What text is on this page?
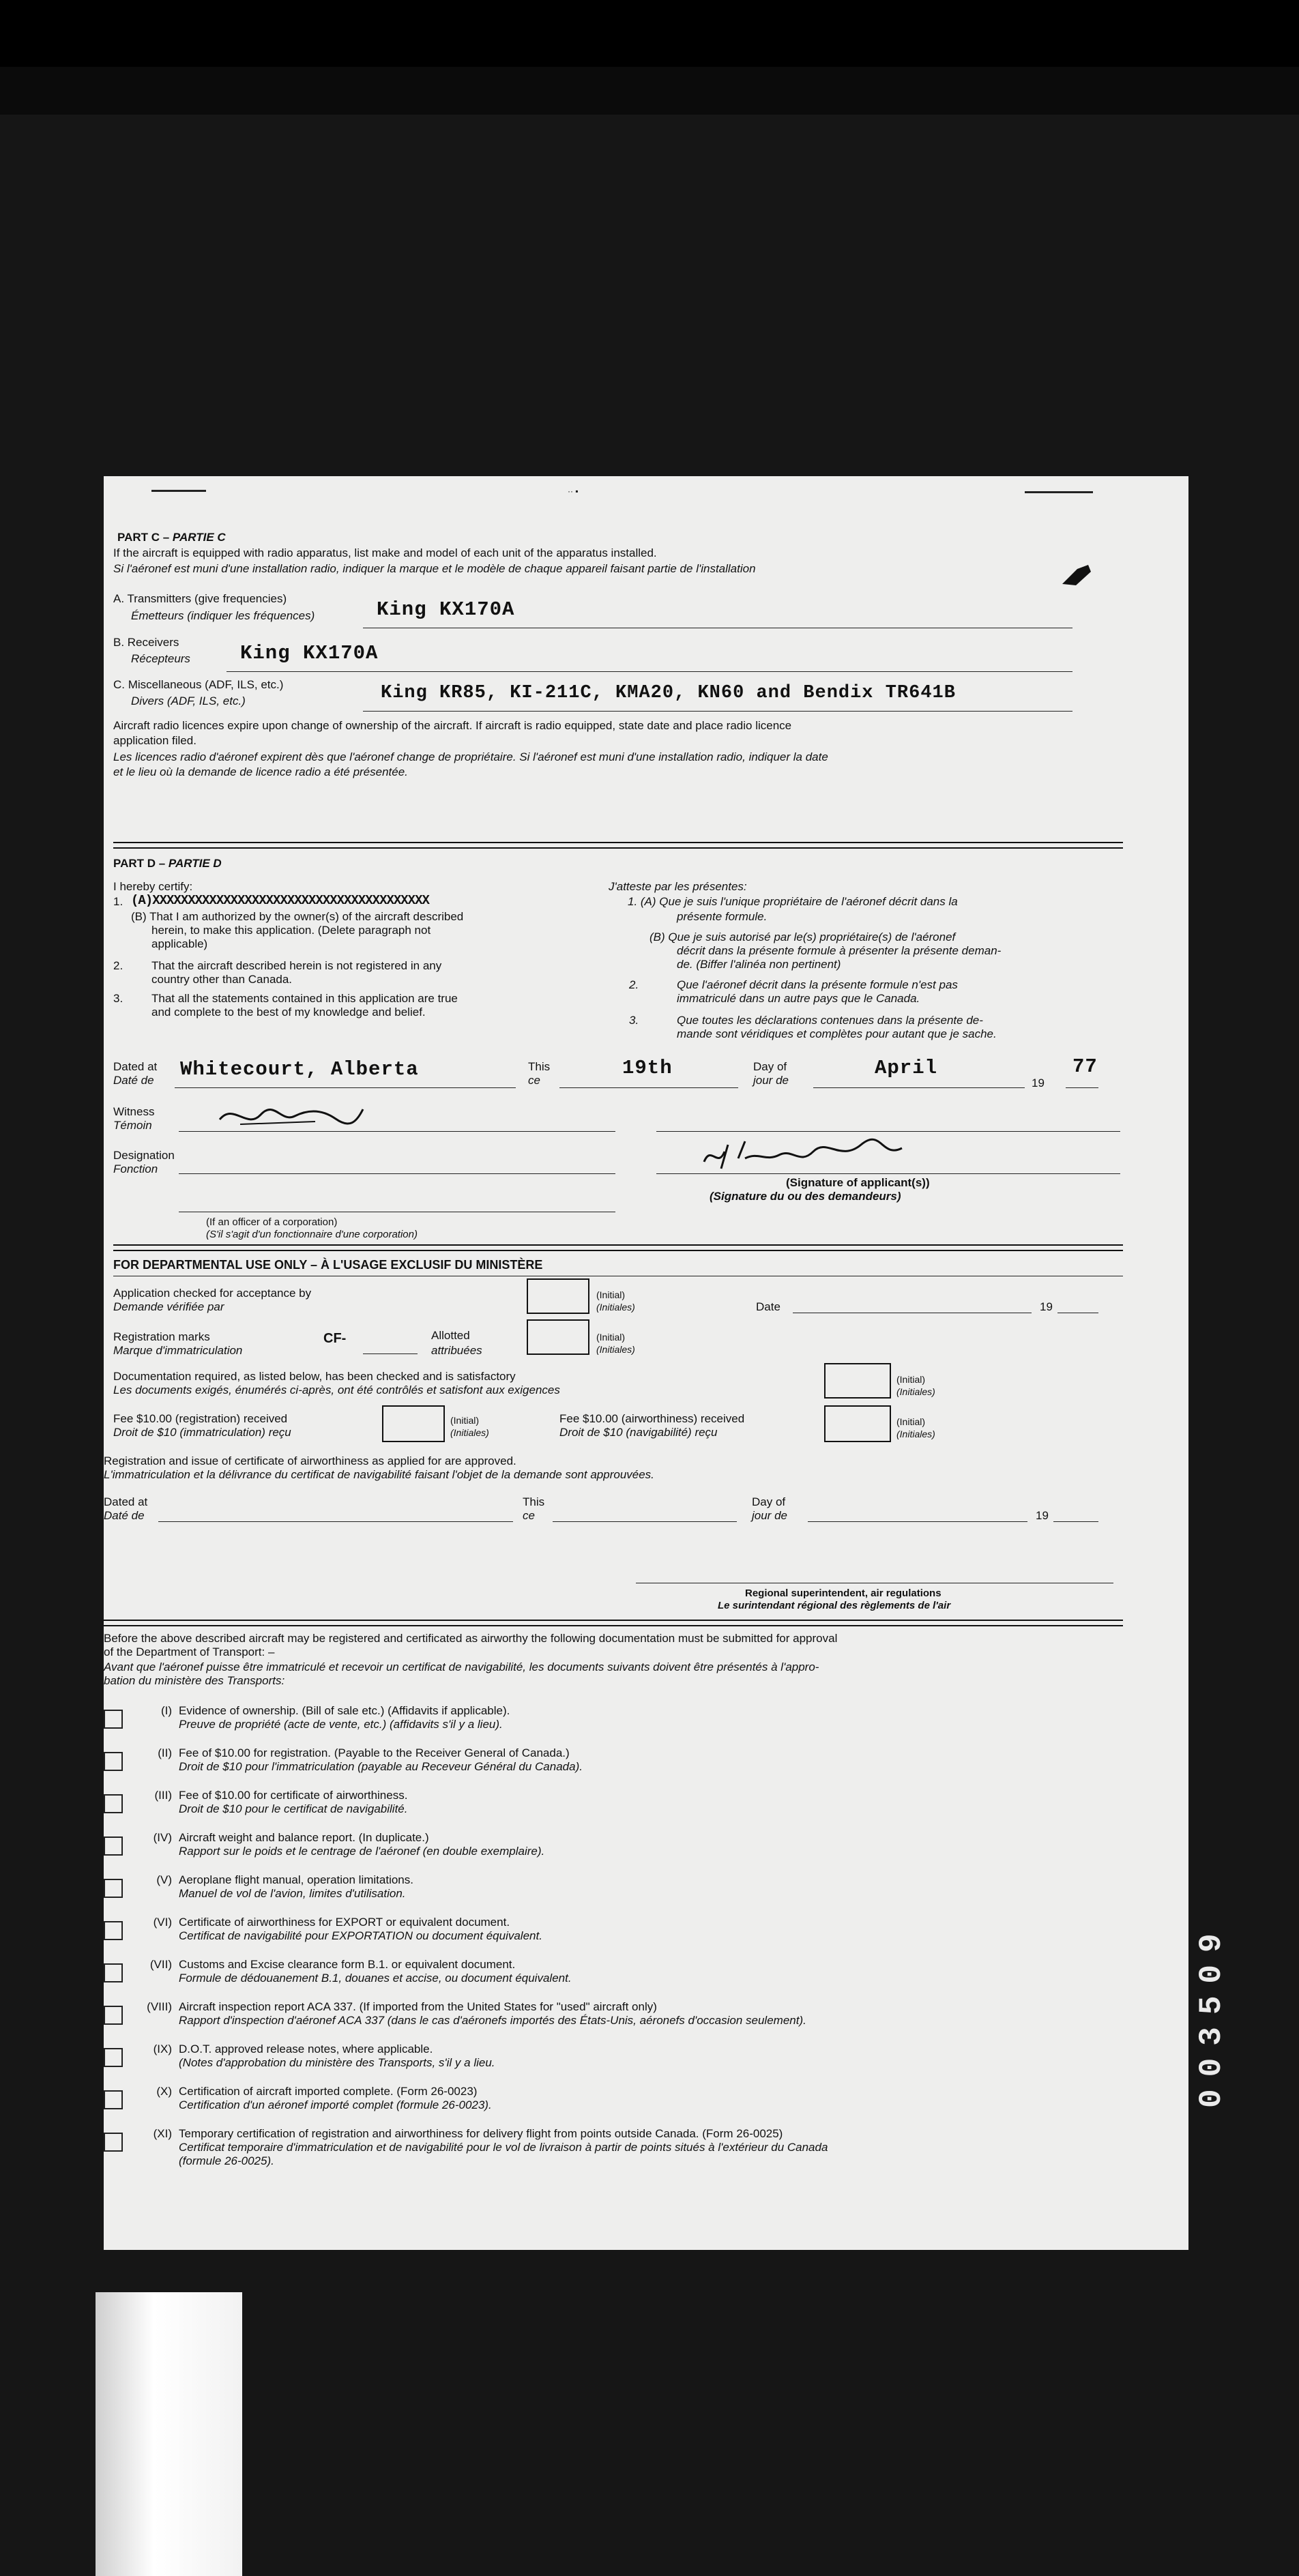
003509
·· ▪
PART C – PARTIE C
If the aircraft is equipped with radio apparatus, list make and model of each unit of the apparatus installed.
Si l'aéronef est muni d'une installation radio, indiquer la marque et le modèle de chaque appareil faisant partie de l'installation
A. Transmitters (give frequencies)
Émetteurs (indiquer les fréquences)	King KX170A
B. Receivers
Récepteurs	King KX170A
C. Miscellaneous (ADF, ILS, etc.)
Divers (ADF, ILS, etc.)	King KR85, KI-211C, KMA20, KN60 and Bendix TR641B
Aircraft radio licences expire upon change of ownership of the aircraft. If aircraft is radio equipped, state date and place radio licence
application filed.
Les licences radio d'aéronef expirent dès que l'aéronef change de propriétaire. Si l'aéronef est muni d'une installation radio, indiquer la date
et le lieu où la demande de licence radio a été présentée.
PART D – PARTIE D
I hereby certify:	J'atteste par les présentes:
1. (A)XXXXXXXXXXXXXXXXXXXXXXXXXXXXXXXXXXXXXXX
(B) That I am authorized by the owner(s) of the aircraft described
herein, to make this application. (Delete paragraph not
applicable)
2. That the aircraft described herein is not registered in any
country other than Canada.
3. That all the statements contained in this application are true
and complete to the best of my knowledge and belief.
1. (A) Que je suis l'unique propriétaire de l'aéronef décrit dans la
présente formule.
(B) Que je suis autorisé par le(s) propriétaire(s) de l'aéronef
décrit dans la présente formule à présenter la présente deman-
de. (Biffer l'alinéa non pertinent)
2.	Que l'aéronef décrit dans la présente formule n'est pas
immatriculé dans un autre pays que le Canada.
3.	Que toutes les déclarations contenues dans la présente de-
mande sont véridiques et complètes pour autant que je sache.
Dated at
Daté de Whitecourt, Alberta	This
ce
19th	Day of
jour de
April
19
77
Witness
Témoin
Designation
Fonction
(Signature of applicant(s))
(Signature du ou des demandeurs)
(If an officer of a corporation)
(S'il s'agit d'un fonctionnaire d'une corporation)
FOR DEPARTMENTAL USE ONLY – À L'USAGE EXCLUSIF DU MINISTÈRE
Application checked for acceptance by
Demande vérifiée par
(Initial)
(Initiales)	Date	19
Registration marks
Marque d'immatriculation
CF-	Allotted
attribuées
(Initial)
(Initiales)
Documentation required, as listed below, has been checked and is satisfactory
Les documents exigés, énumérés ci-après, ont été contrôlés et satisfont aux exigences
(Initial)
(Initiales)
Fee $10.00 (registration) received
Droit de $10 (immatriculation) reçu
(Initial)
(Initiales)
Fee $10.00 (airworthiness) received
Droit de $10 (navigabilité) reçu
(Initial)
(Initiales)
Registration and issue of certificate of airworthiness as applied for are approved.
L'immatriculation et la délivrance du certificat de navigabilité faisant l'objet de la demande sont approuvées.
Dated at
Daté de
This
ce
Day of
jour de	19
Regional superintendent, air regulations
Le surintendant régional des règlements de l'air
Before the above described aircraft may be registered and certificated as airworthy the following documentation must be submitted for approval
of the Department of Transport: –
Avant que l'aéronef puisse être immatriculé et recevoir un certificat de navigabilité, les documents suivants doivent être présentés à l'appro-
bation du ministère des Transports:
(I) Evidence of ownership. (Bill of sale etc.) (Affidavits if applicable).
Preuve de propriété (acte de vente, etc.) (affidavits s'il y a lieu).
(II) Fee of $10.00 for registration. (Payable to the Receiver General of Canada.)
Droit de $10 pour l'immatriculation (payable au Receveur Général du Canada).
(III) Fee of $10.00 for certificate of airworthiness.
Droit de $10 pour le certificat de navigabilité.
(IV) Aircraft weight and balance report. (In duplicate.)
Rapport sur le poids et le centrage de l'aéronef (en double exemplaire).
(V) Aeroplane flight manual, operation limitations.
Manuel de vol de l'avion, limites d'utilisation.
(VI) Certificate of airworthiness for EXPORT or equivalent document.
Certificat de navigabilité pour EXPORTATION ou document équivalent.
(VII) Customs and Excise clearance form B.1. or equivalent document.
Formule de dédouanement B.1, douanes et accise, ou document équivalent.
(VIII) Aircraft inspection report ACA 337. (If imported from the United States for "used" aircraft only)
Rapport d'inspection d'aéronef ACA 337 (dans le cas d'aéronefs importés des États-Unis, aéronefs d'occasion seulement).
(IX) D.O.T. approved release notes, where applicable.
(Notes d'approbation du ministère des Transports, s'il y a lieu.
(X) Certification of aircraft imported complete. (Form 26-0023)
Certification d'un aéronef importé complet (formule 26-0023).
(XI) Temporary certification of registration and airworthiness for delivery flight from points outside Canada. (Form 26-0025)
Certificat temporaire d'immatriculation et de navigabilité pour le vol de livraison à partir de points situés à l'extérieur du Canada
(formule 26-0025).
